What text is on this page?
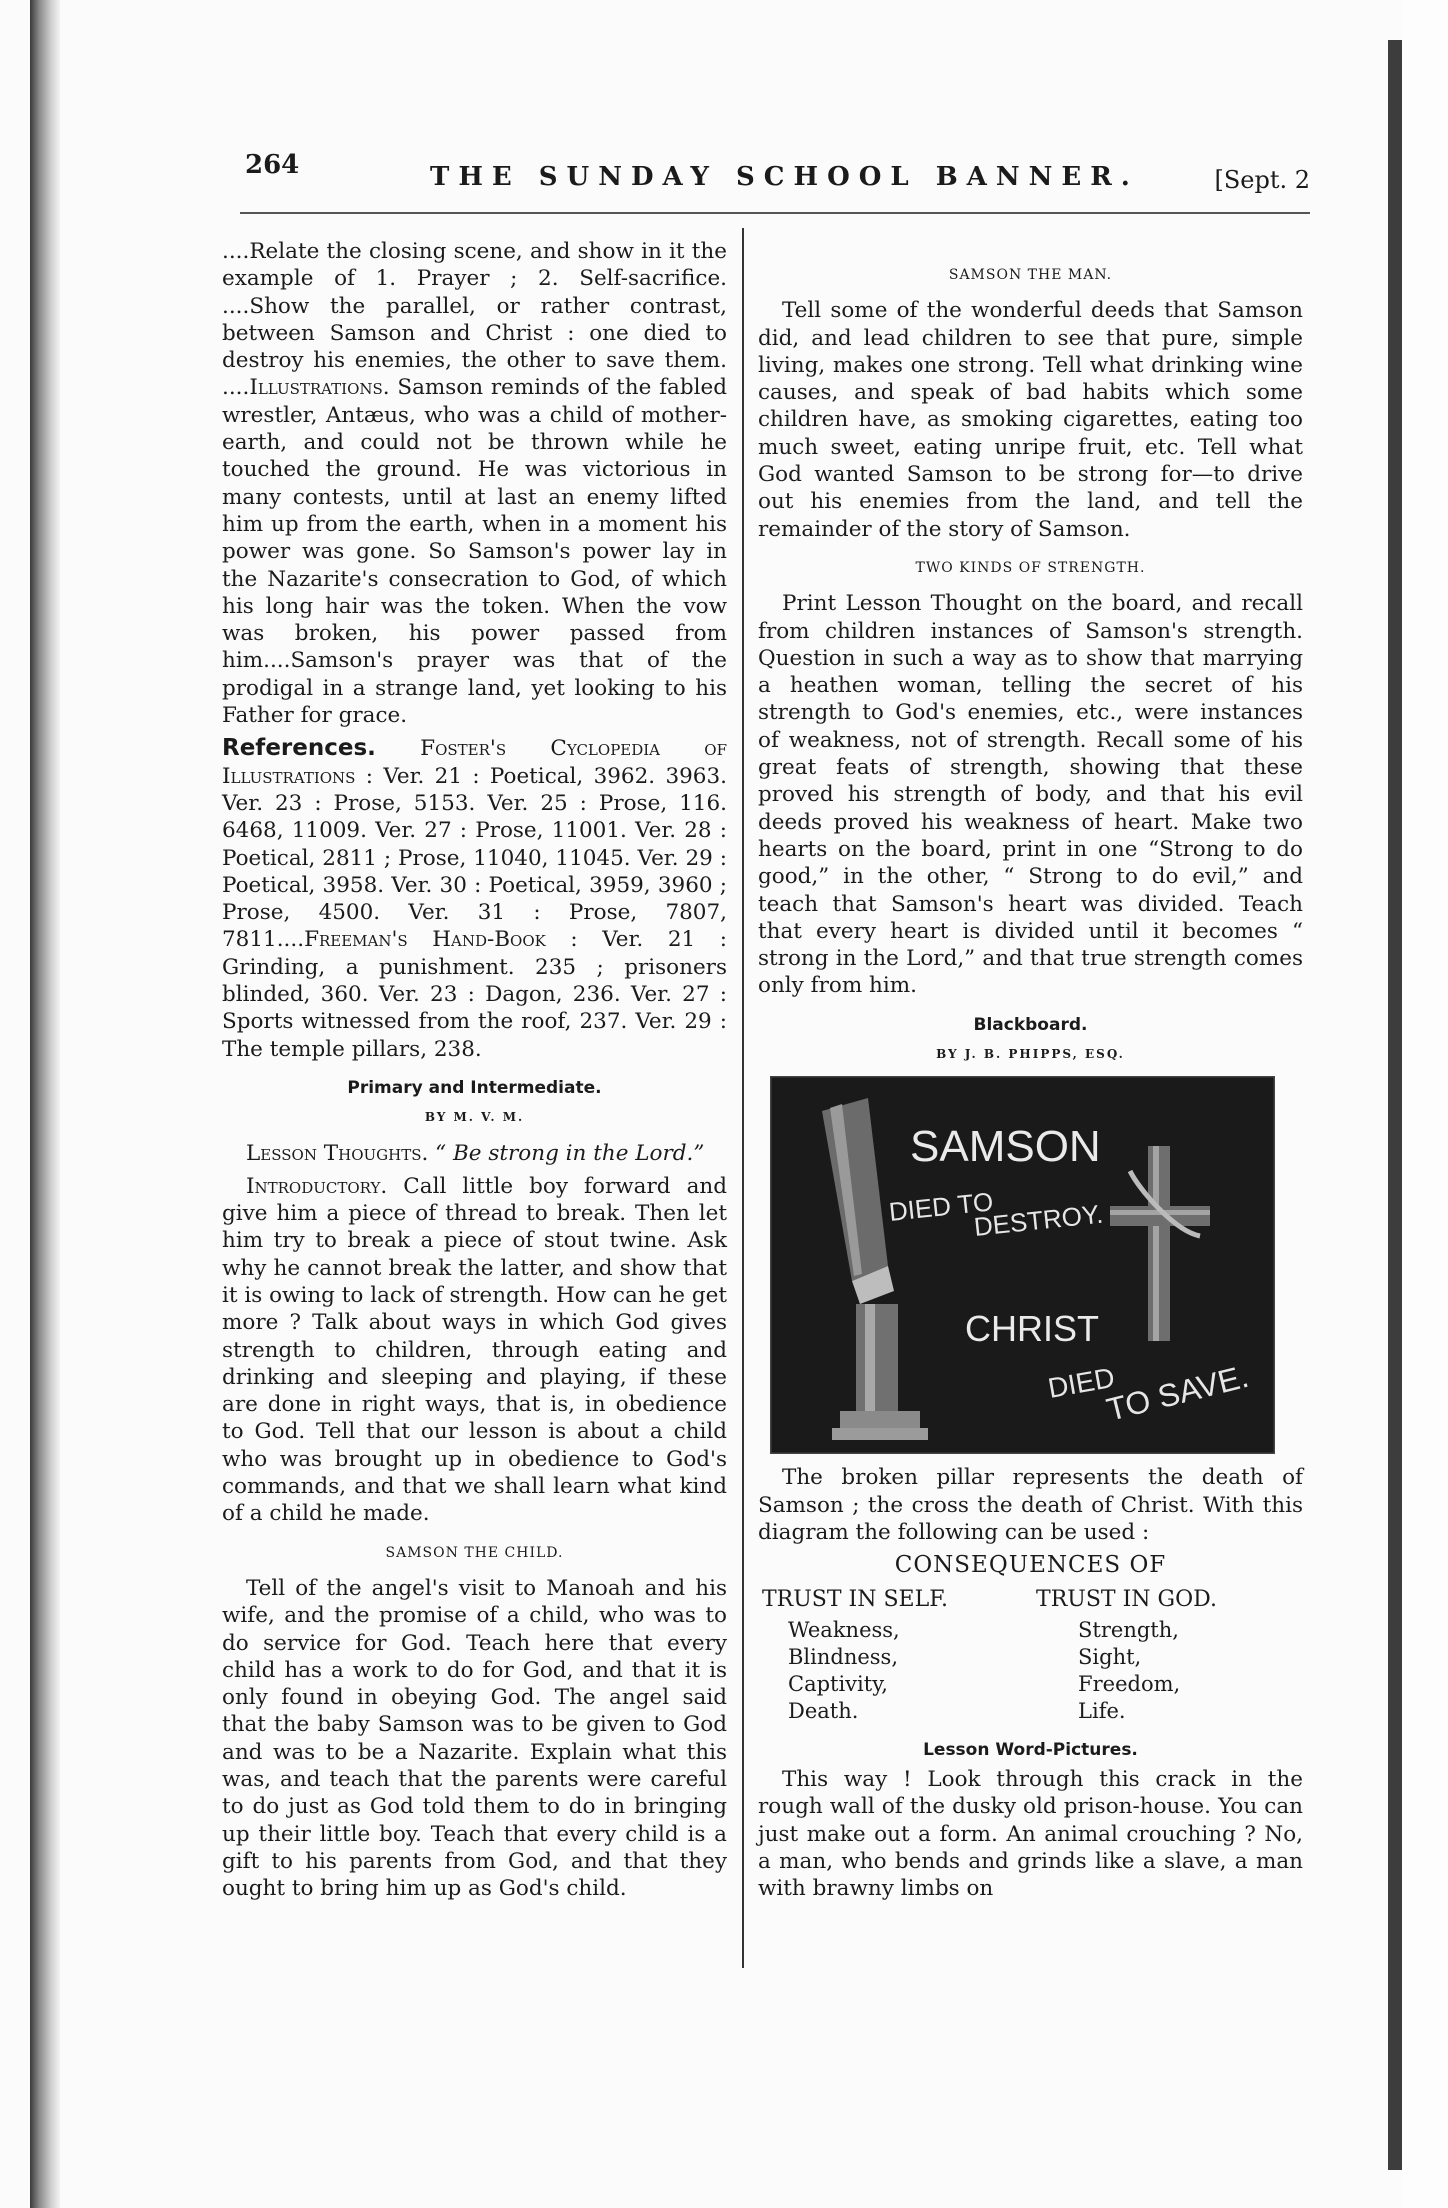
264	THE SUNDAY SCHOOL BANNER.	[Sept. 2

....Relate the closing scene, and show in it the example of 1. Prayer ; 2. Self-sacrifice. ....Show the parallel, or rather contrast, between Samson and Christ : one died to destroy his enemies, the other to save them. ....Illustrations. Samson reminds of the fabled wrestler, Antæus, who was a child of mother-earth, and could not be thrown while he touched the ground. He was victorious in many contests, until at last an enemy lifted him up from the earth, when in a moment his power was gone. So Samson's power lay in the Nazarite's consecration to God, of which his long hair was the token. When the vow was broken, his power passed from him....Samson's prayer was that of the prodigal in a strange land, yet looking to his Father for grace.

References. Foster's Cyclopedia of Illustrations : Ver. 21 : Poetical, 3962. 3963. Ver. 23 : Prose, 5153. Ver. 25 : Prose, 116. 6468, 11009. Ver. 27 : Prose, 11001. Ver. 28 : Poetical, 2811 ; Prose, 11040, 11045. Ver. 29 : Poetical, 3958. Ver. 30 : Poetical, 3959, 3960 ; Prose, 4500. Ver. 31 : Prose, 7807, 7811....Freeman's Hand-Book : Ver. 21 : Grinding, a punishment. 235 ; prisoners blinded, 360. Ver. 23 : Dagon, 236. Ver. 27 : Sports witnessed from the roof, 237. Ver. 29 : The temple pillars, 238.

Primary and Intermediate.
BY M. V. M.

Lesson Thoughts. “ Be strong in the Lord.”

Introductory. Call little boy forward and give him a piece of thread to break. Then let him try to break a piece of stout twine. Ask why he cannot break the latter, and show that it is owing to lack of strength. How can he get more ? Talk about ways in which God gives strength to children, through eating and drinking and sleeping and playing, if these are done in right ways, that is, in obedience to God. Tell that our lesson is about a child who was brought up in obedience to God's commands, and that we shall learn what kind of a child he made.

SAMSON THE CHILD.

Tell of the angel's visit to Manoah and his wife, and the promise of a child, who was to do service for God. Teach here that every child has a work to do for God, and that it is only found in obeying God. The angel said that the baby Samson was to be given to God and was to be a Nazarite. Explain what this was, and teach that the parents were careful to do just as God told them to do in bringing up their little boy. Teach that every child is a gift to his parents from God, and that they ought to bring him up as God's child.

SAMSON THE MAN.

Tell some of the wonderful deeds that Samson did, and lead children to see that pure, simple living, makes one strong. Tell what drinking wine causes, and speak of bad habits which some children have, as smoking cigarettes, eating too much sweet, eating unripe fruit, etc. Tell what God wanted Samson to be strong for—to drive out his enemies from the land, and tell the remainder of the story of Samson.

TWO KINDS OF STRENGTH.

Print Lesson Thought on the board, and recall from children instances of Samson's strength. Question in such a way as to show that marrying a heathen woman, telling the secret of his strength to God's enemies, etc., were instances of weakness, not of strength. Recall some of his great feats of strength, showing that these proved his strength of body, and that his evil deeds proved his weakness of heart. Make two hearts on the board, print in one “Strong to do good,” in the other, “ Strong to do evil,” and teach that Samson's heart was divided. Teach that every heart is divided until it becomes “ strong in the Lord,” and that true strength comes only from him.

Blackboard.
BY J. B. PHIPPS, ESQ.
SAMSON
DIED TO
DESTROY.
CHRIST
DIED
TO SAVE.

The broken pillar represents the death of Samson ; the cross the death of Christ. With this diagram the following can be used :

CONSEQUENCES OF
TRUST IN SELF.
Weakness,
Blindness,
Captivity,
Death.
TRUST IN GOD.
Strength,
Sight,
Freedom,
Life.
Lesson Word-Pictures.

This way ! Look through this crack in the rough wall of the dusky old prison-house. You can just make out a form. An animal crouching ? No, a man, who bends and grinds like a slave, a man with brawny limbs on
